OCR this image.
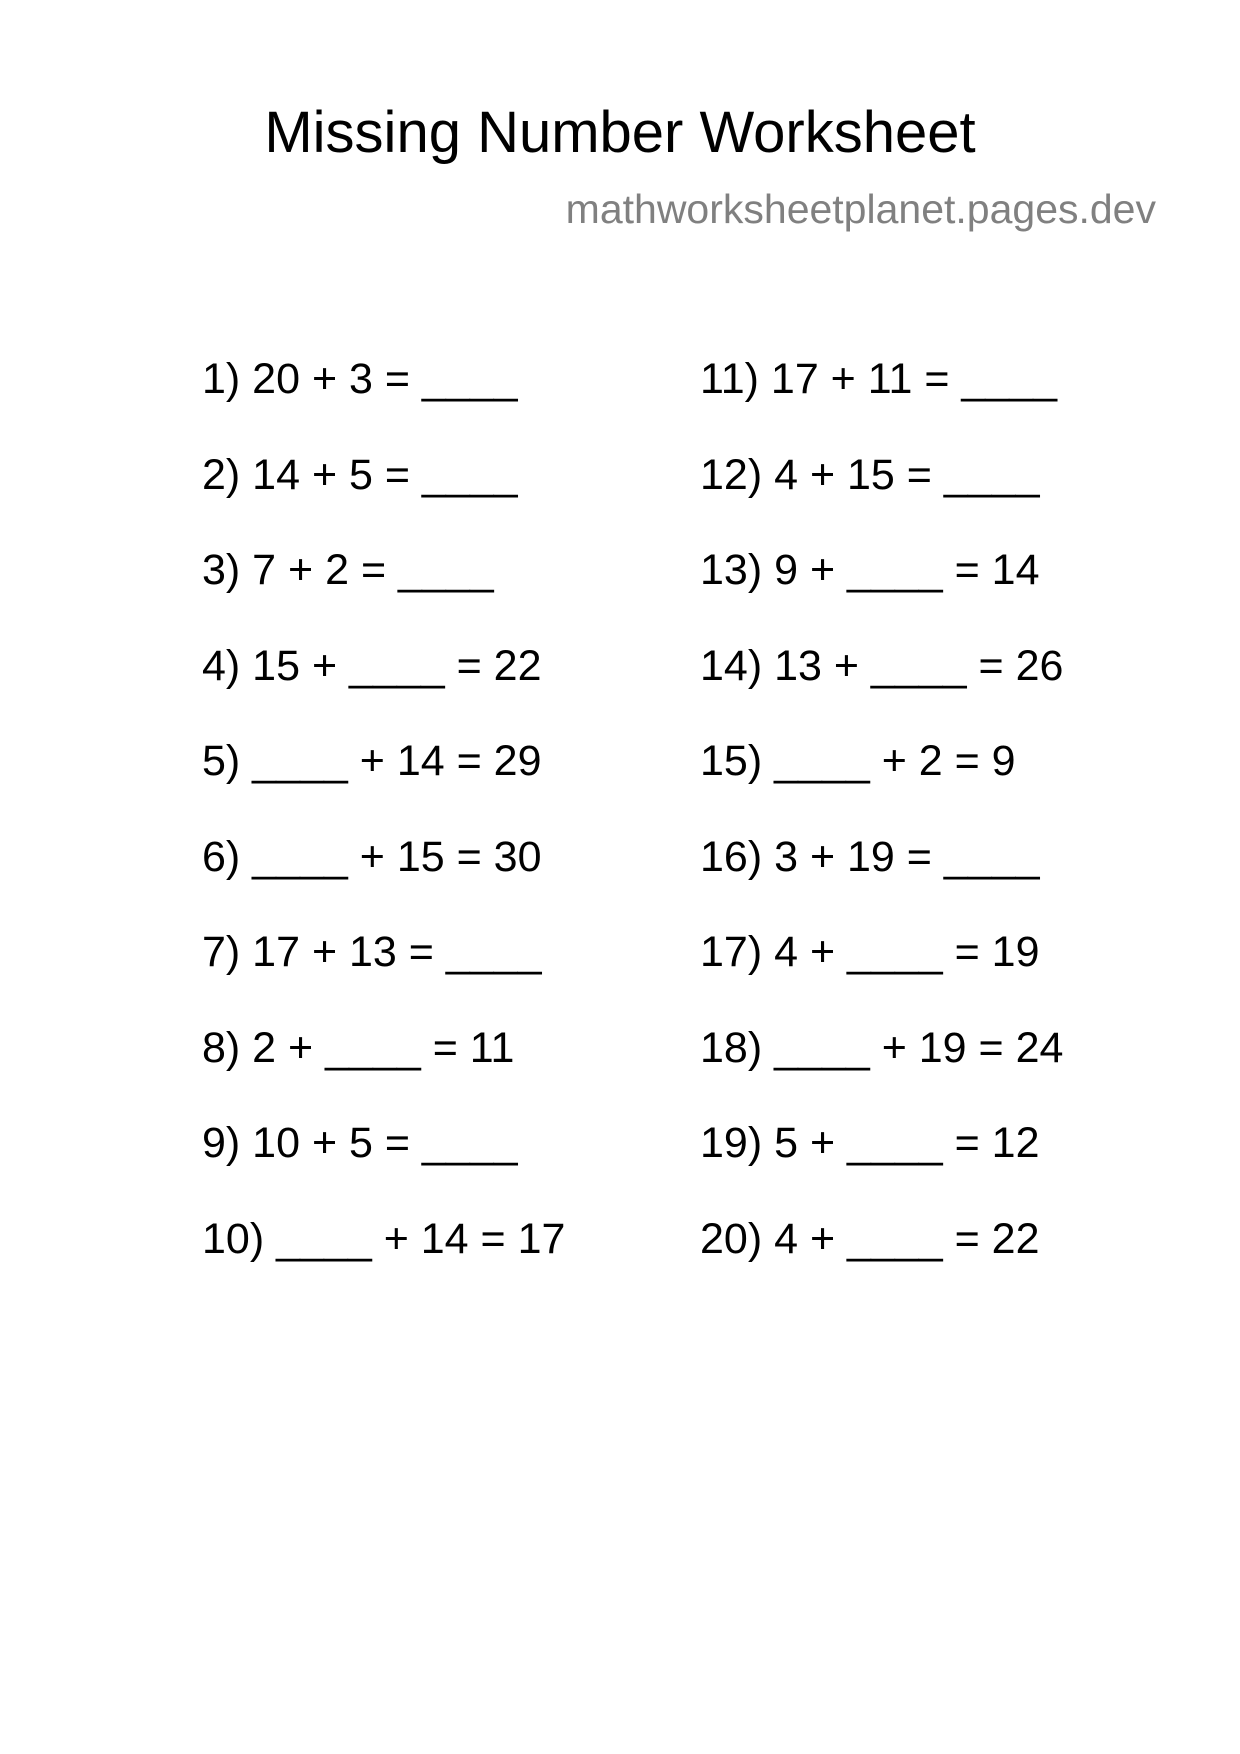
Missing Number Worksheet
mathworksheetplanet.pages.dev
1) 20 + 3 = ____
2) 14 + 5 = ____
3) 7 + 2 = ____
4) 15 + ____ = 22
5) ____ + 14 = 29
6) ____ + 15 = 30
7) 17 + 13 = ____
8) 2 + ____ = 11
9) 10 + 5 = ____
10) ____ + 14 = 17
11) 17 + 11 = ____
12) 4 + 15 = ____
13) 9 + ____ = 14
14) 13 + ____ = 26
15) ____ + 2 = 9
16) 3 + 19 = ____
17) 4 + ____ = 19
18) ____ + 19 = 24
19) 5 + ____ = 12
20) 4 + ____ = 22
